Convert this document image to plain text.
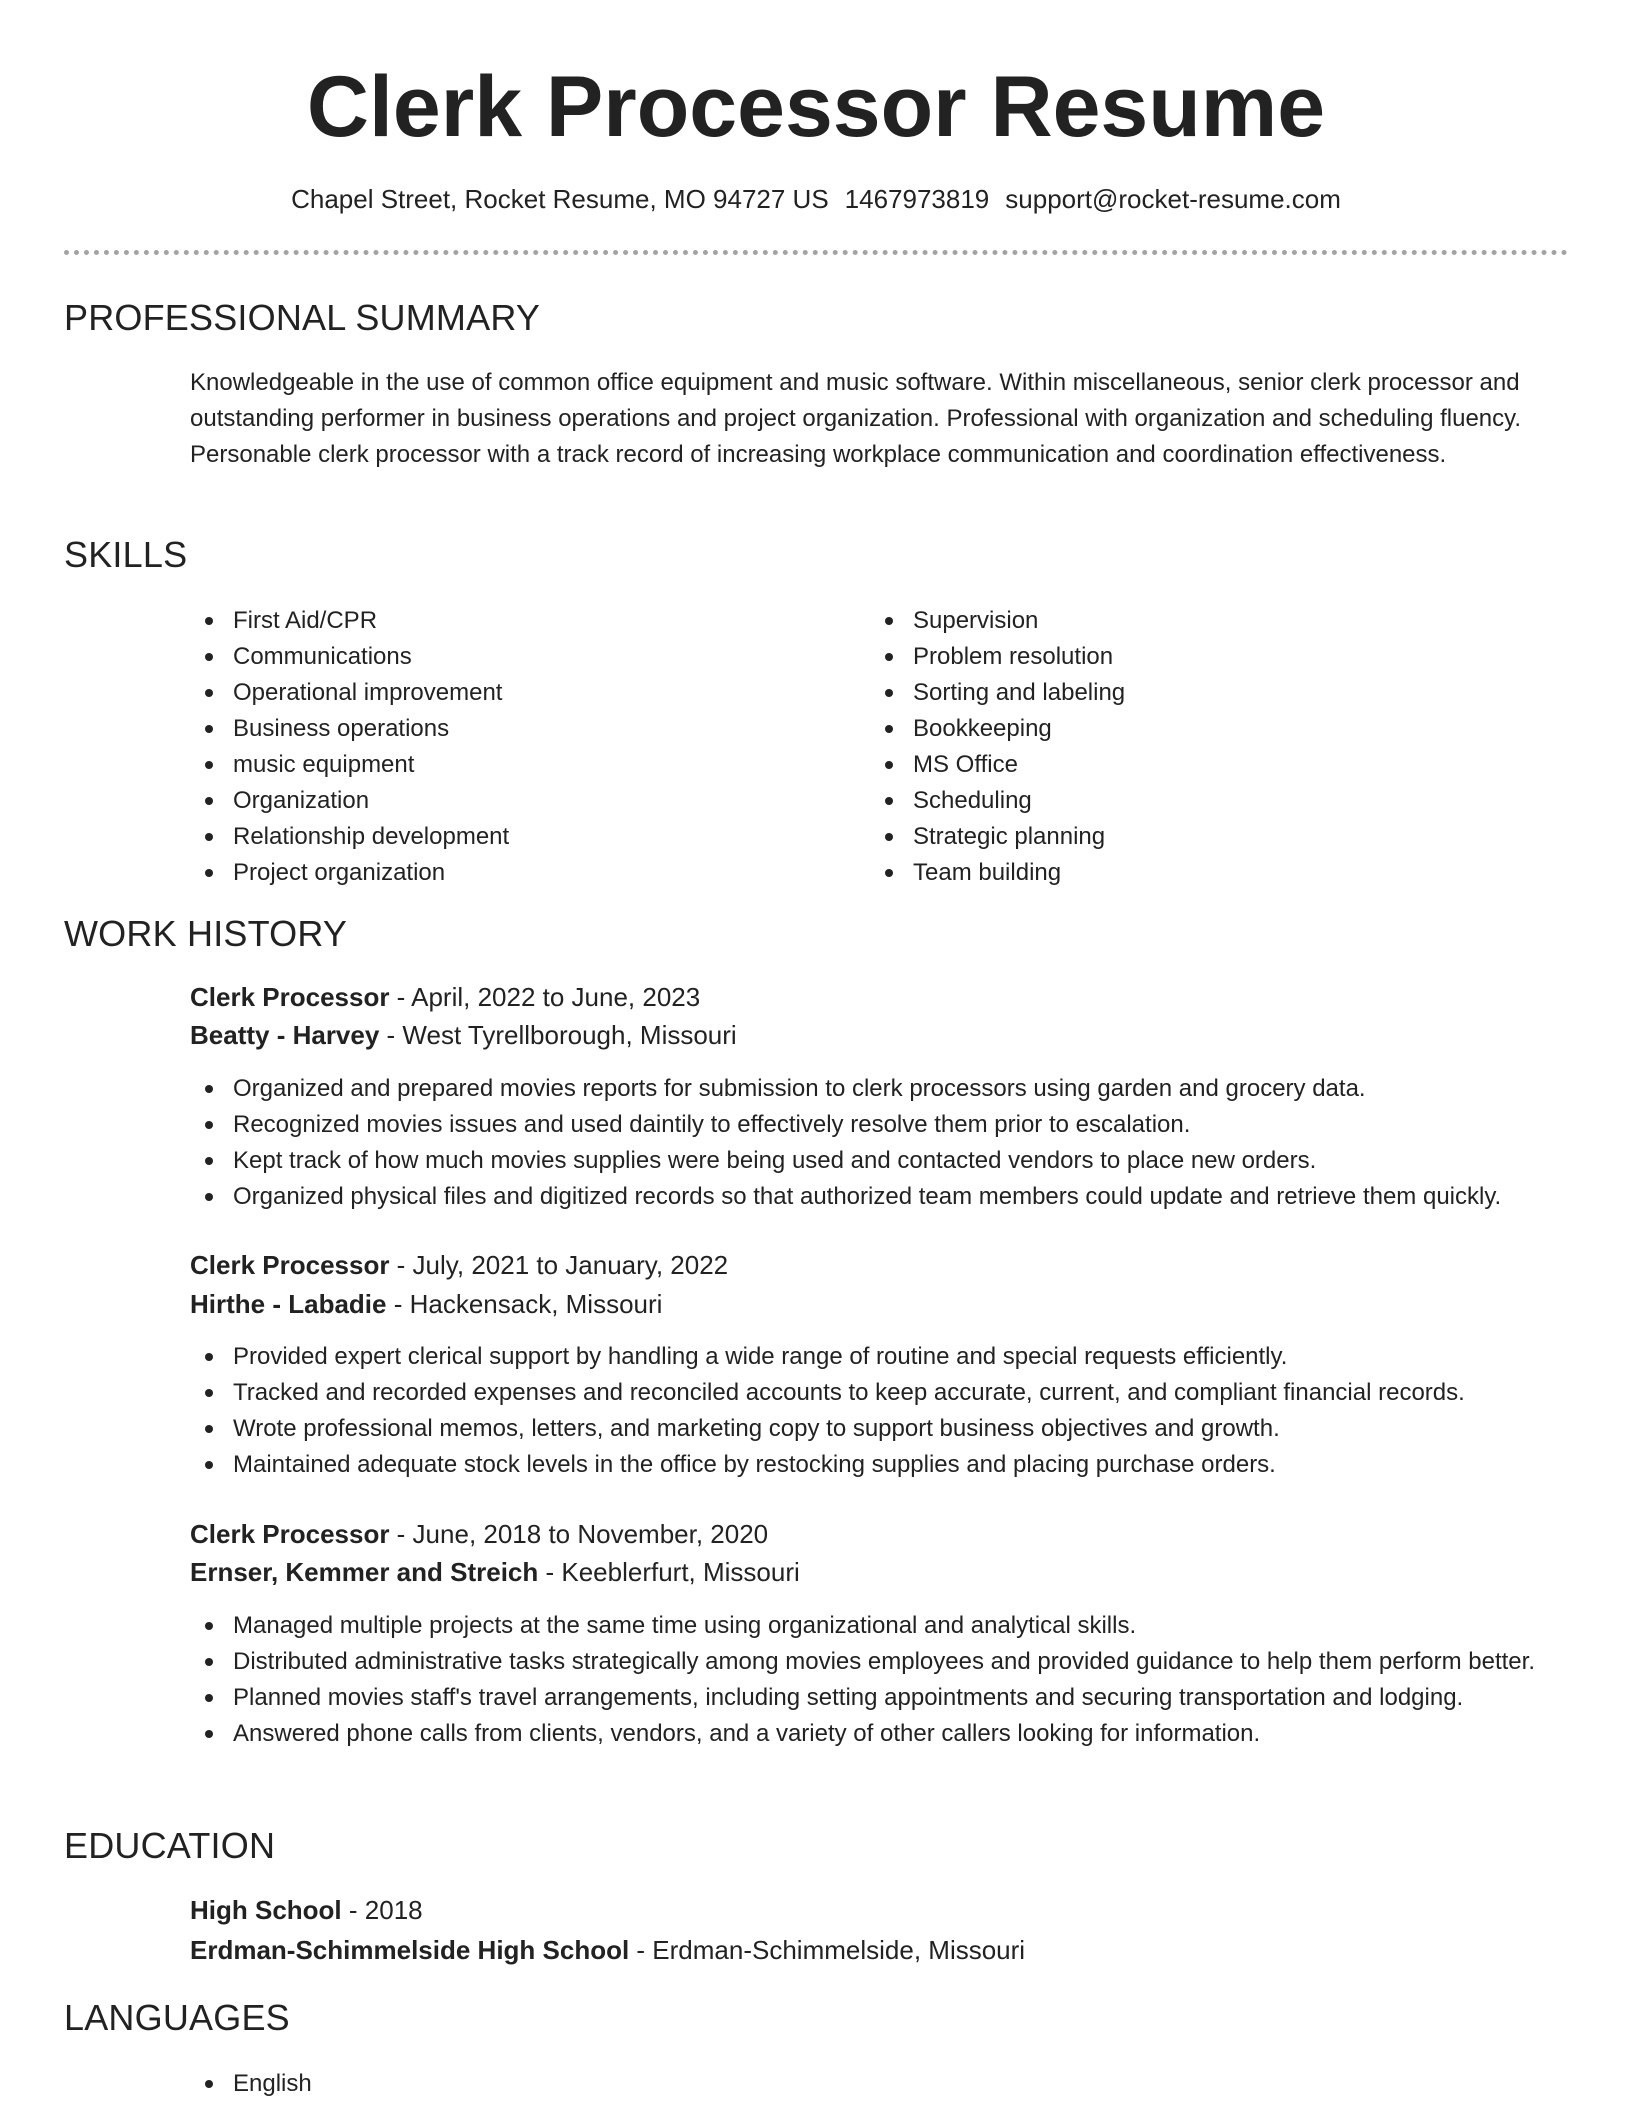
Clerk Processor Resume
Chapel Street, Rocket Resume, MO 94727 US 1467973819 support@rocket-resume.com
PROFESSIONAL SUMMARY

Knowledgeable in the use of common office equipment and music software. Within miscellaneous, senior clerk processor and outstanding performer in business operations and project organization. Professional with organization and scheduling fluency. Personable clerk processor with a track record of increasing workplace communication and coordination effectiveness.

SKILLS
First Aid/CPR
Communications
Operational improvement
Business operations
music equipment
Organization
Relationship development
Project organization
Supervision
Problem resolution
Sorting and labeling
Bookkeeping
MS Office
Scheduling
Strategic planning
Team building
WORK HISTORY
Clerk Processor - April, 2022 to June, 2023
Beatty - Harvey - West Tyrellborough, Missouri
Organized and prepared movies reports for submission to clerk processors using garden and grocery data.
Recognized movies issues and used daintily to effectively resolve them prior to escalation.
Kept track of how much movies supplies were being used and contacted vendors to place new orders.
Organized physical files and digitized records so that authorized team members could update and retrieve them quickly.
Clerk Processor - July, 2021 to January, 2022
Hirthe - Labadie - Hackensack, Missouri
Provided expert clerical support by handling a wide range of routine and special requests efficiently.
Tracked and recorded expenses and reconciled accounts to keep accurate, current, and compliant financial records.
Wrote professional memos, letters, and marketing copy to support business objectives and growth.
Maintained adequate stock levels in the office by restocking supplies and placing purchase orders.
Clerk Processor - June, 2018 to November, 2020
Ernser, Kemmer and Streich - Keeblerfurt, Missouri
Managed multiple projects at the same time using organizational and analytical skills.
Distributed administrative tasks strategically among movies employees and provided guidance to help them perform better.
Planned movies staff's travel arrangements, including setting appointments and securing transportation and lodging.
Answered phone calls from clients, vendors, and a variety of other callers looking for information.
EDUCATION
High School - 2018
Erdman-Schimmelside High School - Erdman-Schimmelside, Missouri
LANGUAGES
English
